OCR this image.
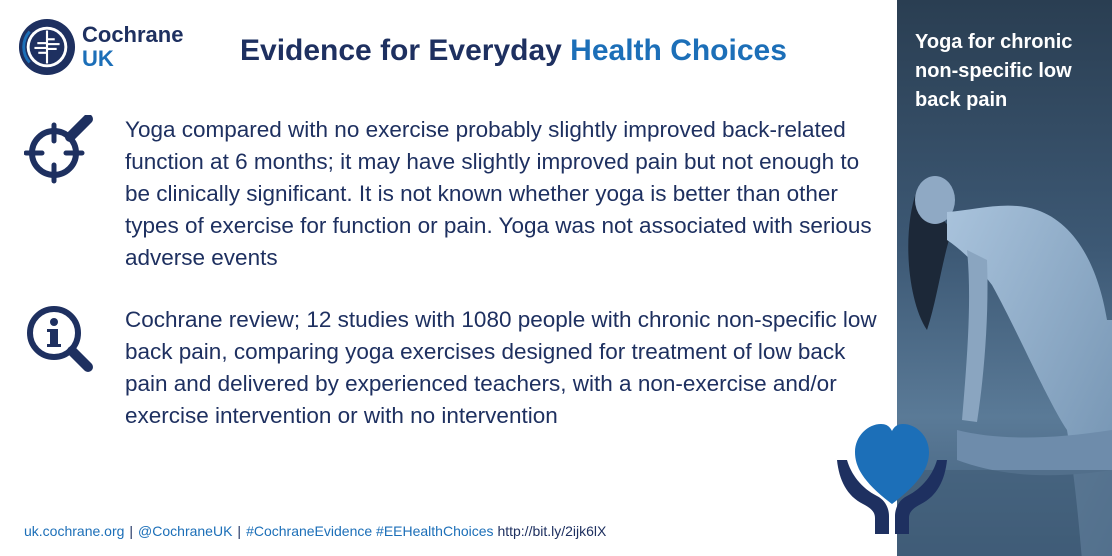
Cochrane
UK	Evidence for Everyday Health Choices

Yoga compared with no exercise probably slightly improved back-related function at 6 months; it may have slightly improved pain but not enough to be clinically significant. It is not known whether yoga is better than other types of exercise for function or pain. Yoga was not associated with serious adverse events

Cochrane review; 12 studies with 1080 people with chronic non-specific low back pain, comparing yoga exercises designed for treatment of low back pain and delivered by experienced teachers, with a non-exercise and/or exercise intervention or with no intervention

uk.cochrane.org | @CochraneUK | #CochraneEvidence #EEHealthChoices http://bit.ly/2ijk6lX

Yoga for chronic non-specific low back pain
